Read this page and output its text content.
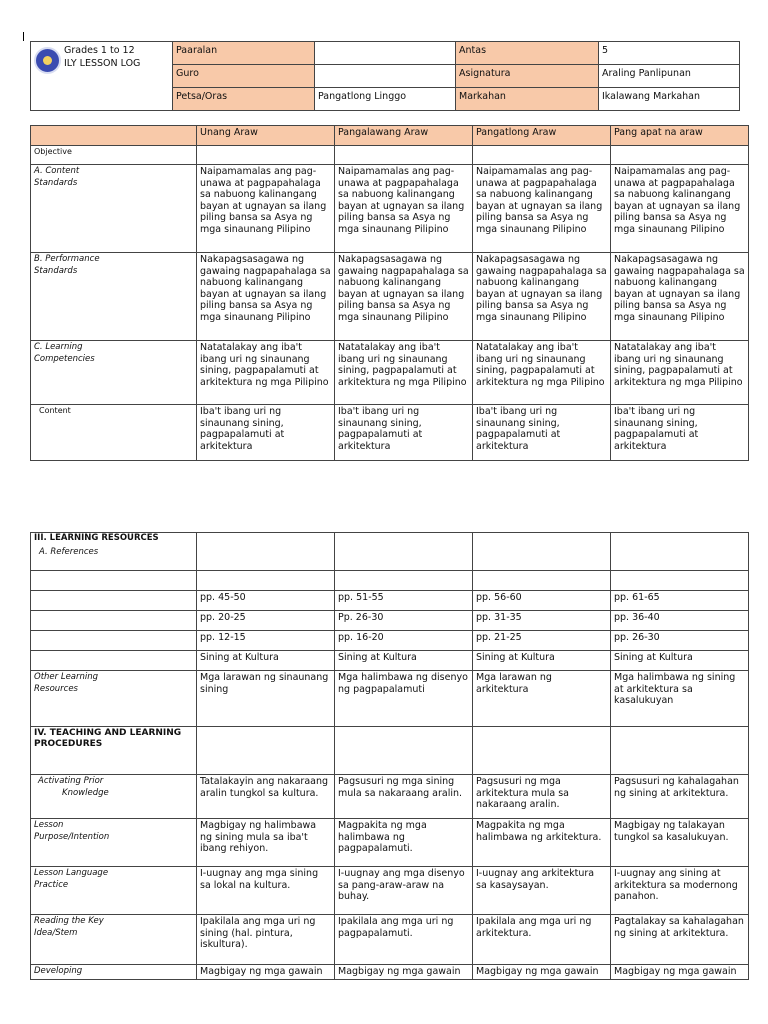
Grades 1 to 12
ILY LESSON LOG	Paaralan		Antas	5
	Guro		Asignatura	Araling Panlipunan
	Petsa/Oras	Pangatlong Linggo	Markahan	Ikalawang Markahan
	Unang Araw	Pangalawang Araw	Pangatlong Araw	Pang apat na araw
Objective				

A. Content
Standards	Naipamamalas ang pag-unawa at pagpapahalaga sa nabuong kalinangang bayan at ugnayan sa ilang piling bansa sa Asya ng mga sinaunang Pilipino	Naipamamalas ang pag-unawa at pagpapahalaga sa nabuong kalinangang bayan at ugnayan sa ilang piling bansa sa Asya ng mga sinaunang Pilipino	Naipamamalas ang pag-unawa at pagpapahalaga sa nabuong kalinangang bayan at ugnayan sa ilang piling bansa sa Asya ng mga sinaunang Pilipino	Naipamamalas ang pag-unawa at pagpapahalaga sa nabuong kalinangang bayan at ugnayan sa ilang piling bansa sa Asya ng mga sinaunang Pilipino

B. Performance
Standards	Nakapagsasagawa ng gawaing nagpapahalaga sa nabuong kalinangang bayan at ugnayan sa ilang piling bansa sa Asya ng mga sinaunang Pilipino	Nakapagsasagawa ng gawaing nagpapahalaga sa nabuong kalinangang bayan at ugnayan sa ilang piling bansa sa Asya ng mga sinaunang Pilipino	Nakapagsasagawa ng gawaing nagpapahalaga sa nabuong kalinangang bayan at ugnayan sa ilang piling bansa sa Asya ng mga sinaunang Pilipino	Nakapagsasagawa ng gawaing nagpapahalaga sa nabuong kalinangang bayan at ugnayan sa ilang piling bansa sa Asya ng mga sinaunang Pilipino

C. Learning
Competencies	Natatalakay ang iba't ibang uri ng sinaunang sining, pagpapalamuti at arkitektura ng mga Pilipino	Natatalakay ang iba't ibang uri ng sinaunang sining, pagpapalamuti at arkitektura ng mga Pilipino	Natatalakay ang iba't ibang uri ng sinaunang sining, pagpapalamuti at arkitektura ng mga Pilipino	Natatalakay ang iba't ibang uri ng sinaunang sining, pagpapalamuti at arkitektura ng mga Pilipino
Content	Iba't ibang uri ng sinaunang sining, pagpapalamuti at arkitektura	Iba't ibang uri ng sinaunang sining, pagpapalamuti at arkitektura	Iba't ibang uri ng sinaunang sining, pagpapalamuti at arkitektura	Iba't ibang uri ng sinaunang sining, pagpapalamuti at arkitektura
III. LEARNING RESOURCES
A. References				

	pp. 45-50	pp. 51-55	pp. 56-60	pp. 61-65
	pp. 20-25	Pp. 26-30	pp. 31-35	pp. 36-40
	pp. 12-15	pp. 16-20	pp. 21-25	pp. 26-30
	Sining at Kultura	Sining at Kultura	Sining at Kultura	Sining at Kultura

Other Learning
Resources	Mga larawan ng sinaunang sining	Mga halimbawa ng disenyo ng pagpapalamuti	Mga larawan ng arkitektura	Mga halimbawa ng sining at arkitektura sa kasalukuyan
IV. TEACHING AND LEARNING PROCEDURES				

Activating Prior
Knowledge	Tatalakayin ang nakaraang aralin tungkol sa kultura.	Pagsusuri ng mga sining mula sa nakaraang aralin.	Pagsusuri ng mga arkitektura mula sa nakaraang aralin.	Pagsusuri ng kahalagahan ng sining at arkitektura.

Lesson
Purpose/Intention	Magbigay ng halimbawa ng sining mula sa iba't ibang rehiyon.	Magpakita ng mga halimbawa ng pagpapalamuti.	Magpakita ng mga halimbawa ng arkitektura.	Magbigay ng talakayan tungkol sa kasalukuyan.

Lesson Language
Practice	I-uugnay ang mga sining sa lokal na kultura.	I-uugnay ang mga disenyo sa pang-araw-araw na buhay.	I-uugnay ang arkitektura sa kasaysayan.	I-uugnay ang sining at arkitektura sa modernong panahon.

Reading the Key
Idea/Stem	Ipakilala ang mga uri ng sining (hal. pintura, iskultura).	Ipakilala ang mga uri ng pagpapalamuti.	Ipakilala ang mga uri ng arkitektura.	Pagtalakay sa kahalagahan ng sining at arkitektura.
Developing	Magbigay ng mga gawain	Magbigay ng mga gawain	Magbigay ng mga gawain	Magbigay ng mga gawain
